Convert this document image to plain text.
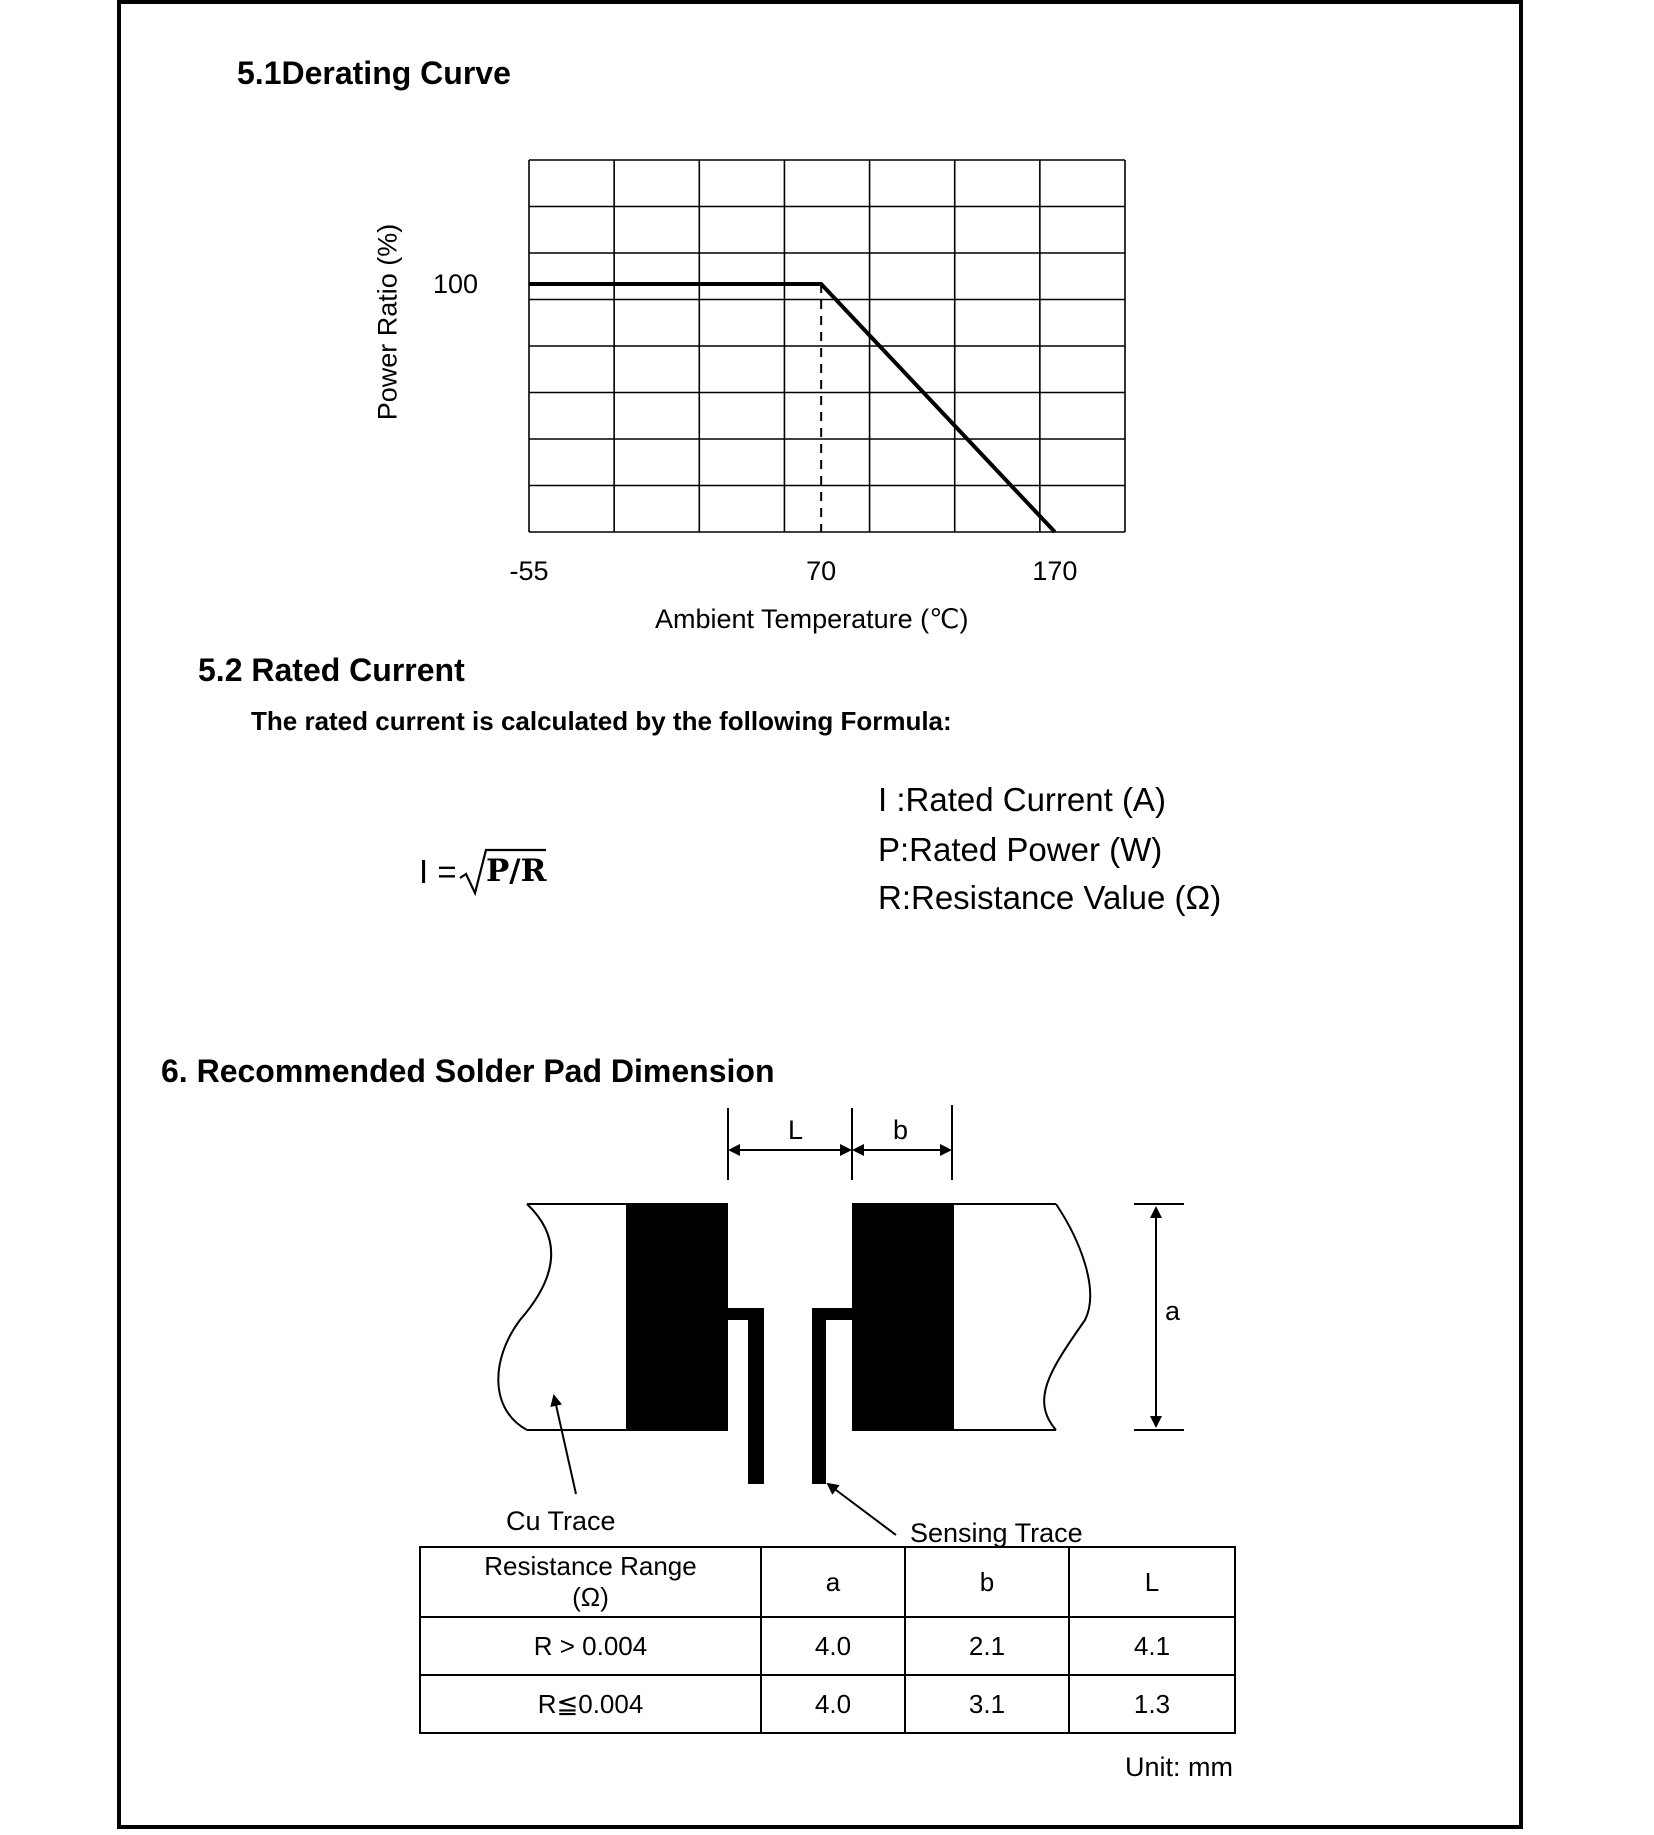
5.1Derating Curve
100
-55	70	170
Ambient Temperature (℃)
Power Ratio (%)
5.2 Rated Current
The rated current is calculated by the following Formula:
I = P/R
I :Rated Current (A)
P:Rated Power (W)
R:Resistance Value (Ω)
6. Recommended Solder Pad Dimension
L	b
a
Cu Trace	Sensing Trace
Resistance Range
(Ω)	a	b	L
R > 0.004	4.0	2.1	4.1
R≦0.004	4.0	3.1	1.3
Unit: mm
